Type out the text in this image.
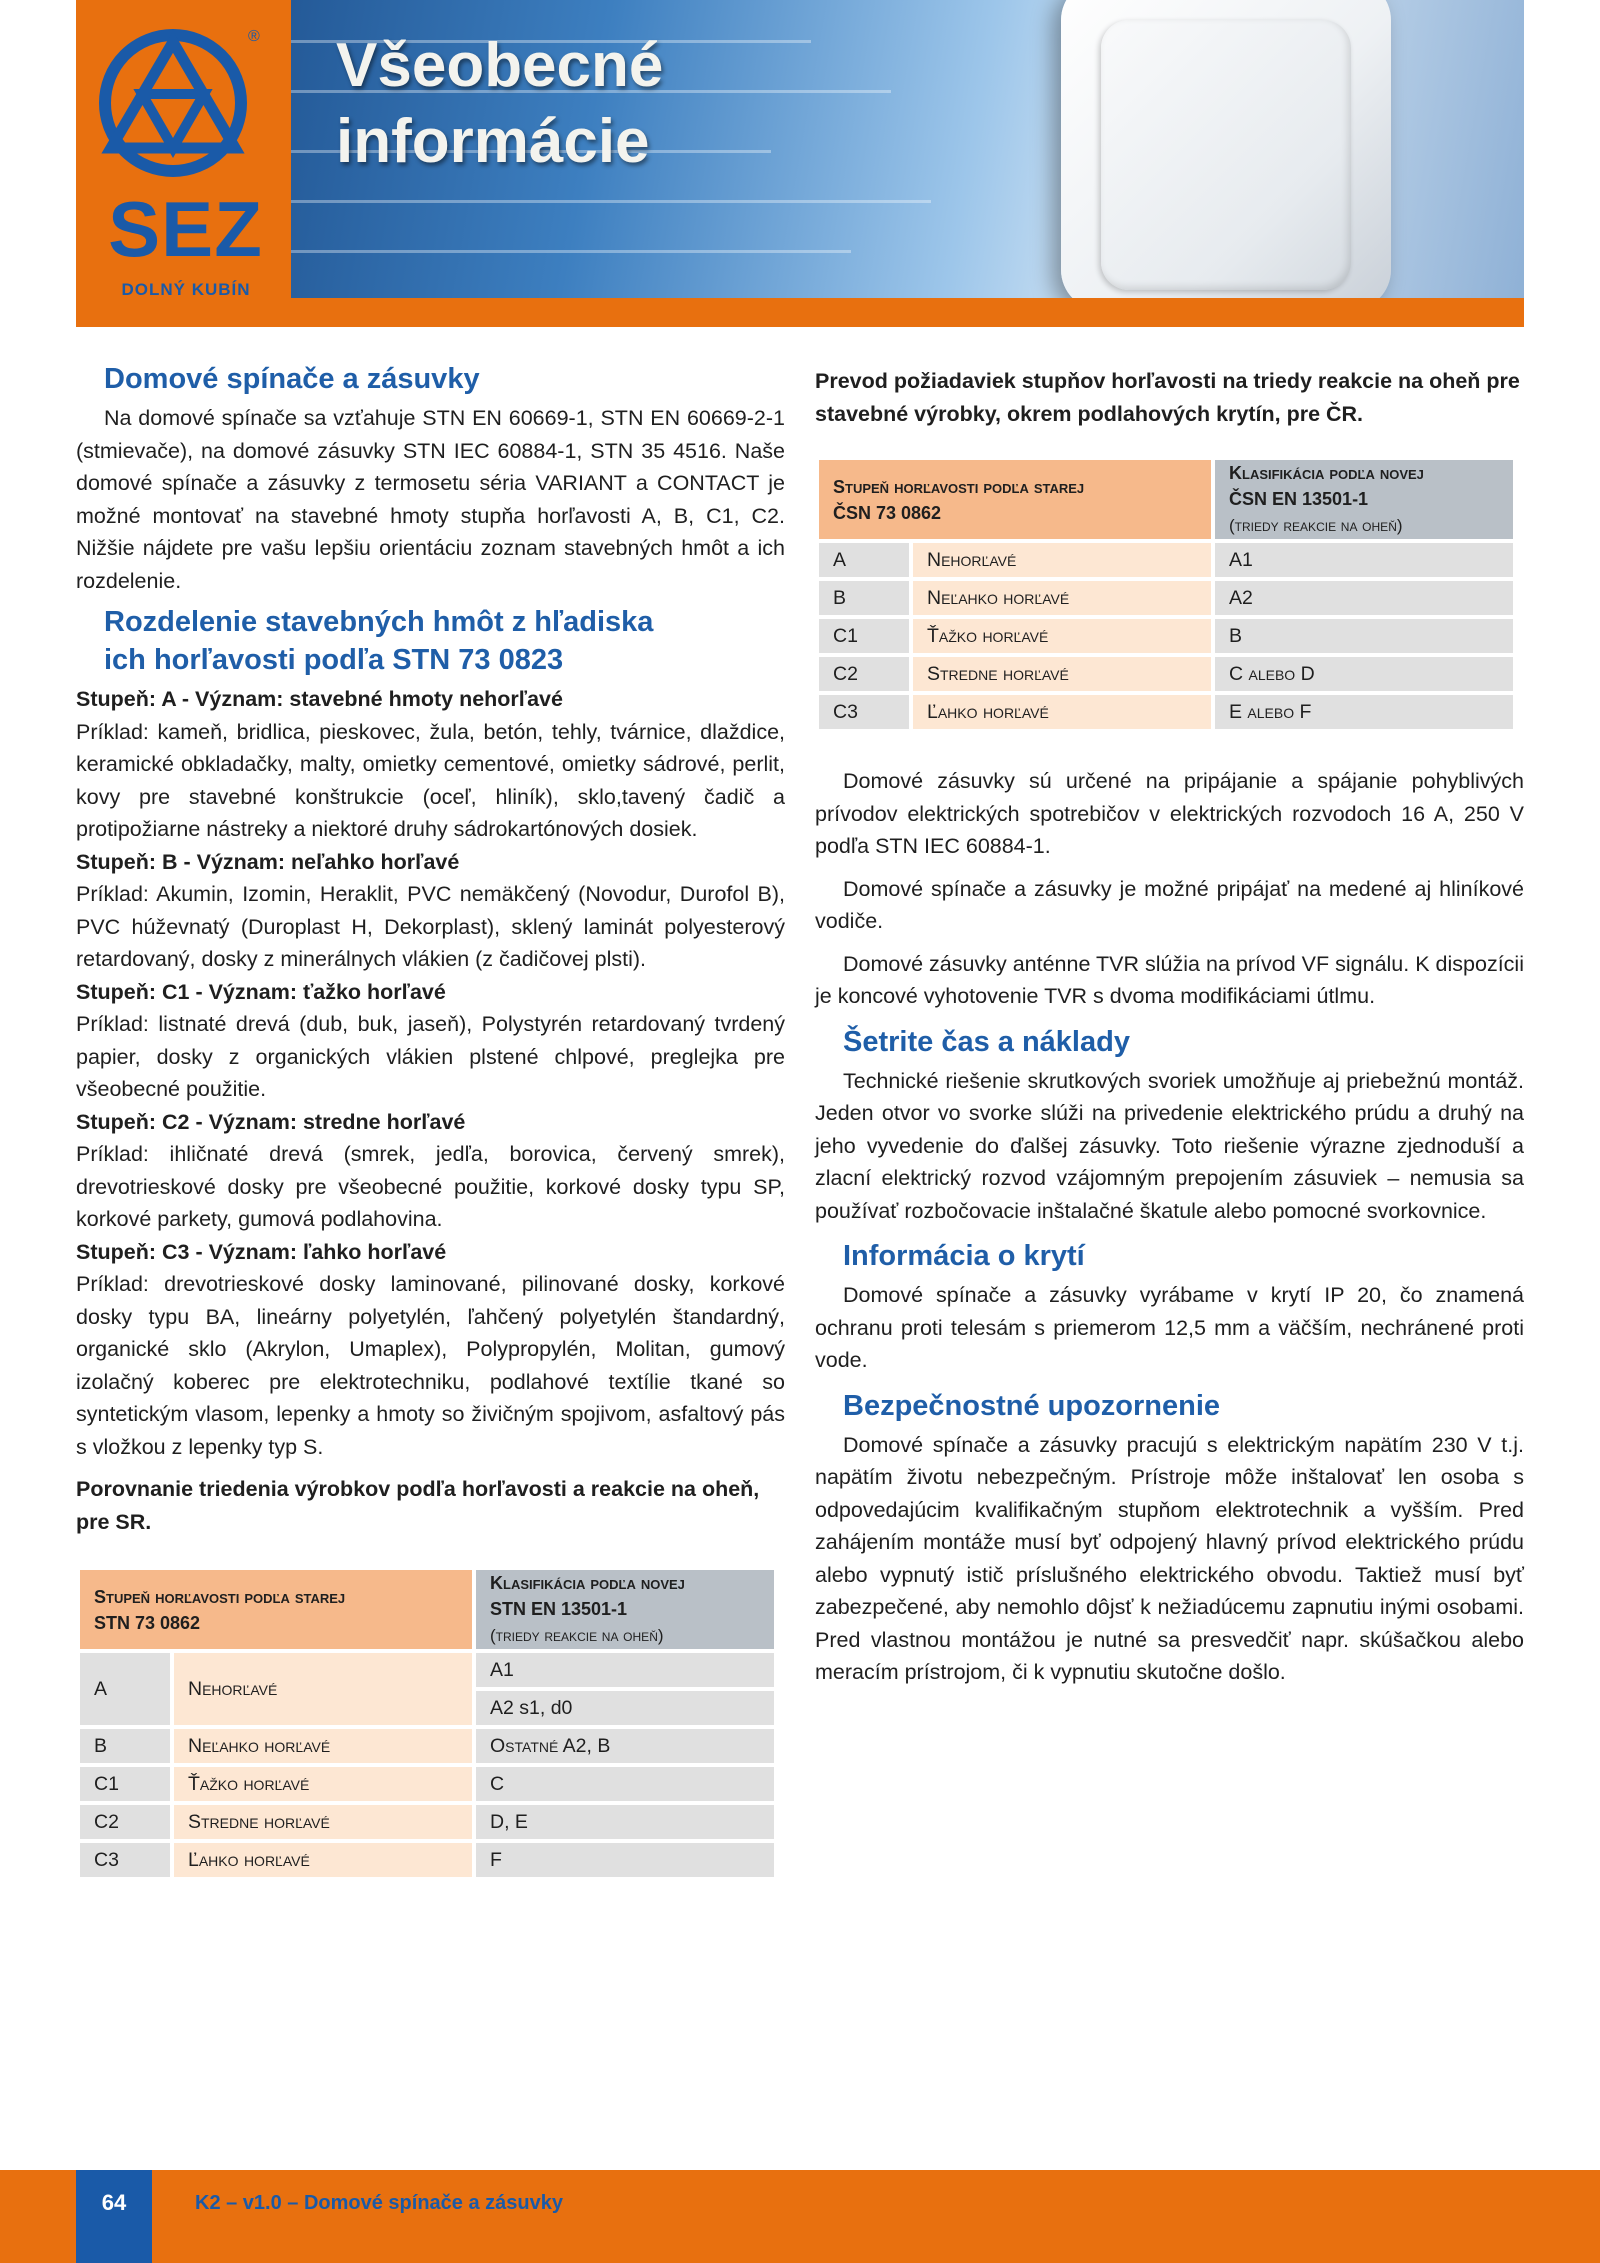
®
SEZ
DOLNÝ KUBÍN
Všeobecné
informácie
Domové spínače a zásuvky

Na domové spínače sa vzťahuje STN EN 60669-1, STN EN 60669-2-1 (stmievače), na domové zásuvky STN IEC 60884-1, STN 35 4516. Naše domové spínače a zásuvky z termosetu séria VARIANT a CONTACT je možné montovať na stavebné hmoty stupňa horľavosti A, B, C1, C2. Nižšie nájdete pre vašu lepšiu orientáciu zoznam stavebných hmôt a ich rozdelenie.

Rozdelenie stavebných hmôt z hľadiska
ich horľavosti podľa STN 73 0823

Stupeň: A - Význam: stavebné hmoty nehorľavé

Príklad: kameň, bridlica, pieskovec, žula, betón, tehly, tvárnice, dlaždice, keramické obkladačky, malty, omietky cementové, omietky sádrové, perlit, kovy pre stavebné konštrukcie (oceľ, hliník), sklo,tavený čadič a protipožiarne nástreky a niektoré druhy sádrokartónových dosiek.

Stupeň: B - Význam: neľahko horľavé

Príklad: Akumin, Izomin, Heraklit, PVC nemäkčený (Novodur, Durofol B), PVC húževnatý (Duroplast H, Dekorplast), sklený laminát polyesterový retardovaný, dosky z minerálnych vlákien (z čadičovej plsti).

Stupeň: C1 - Význam: ťažko horľavé

Príklad: listnaté drevá (dub, buk, jaseň), Polystyrén retardovaný tvrdený papier, dosky z organických vlákien plstené chlpové, preglejka pre všeobecné použitie.

Stupeň: C2 - Význam: stredne horľavé

Príklad: ihličnaté drevá (smrek, jedľa, borovica, červený smrek), drevotrieskové dosky pre všeobecné použitie, korkové dosky typu SP, korkové parkety, gumová podlahovina.

Stupeň: C3 - Význam: ľahko horľavé

Príklad: drevotrieskové dosky laminované, pilinované dosky, korkové dosky typu BA, lineárny polyetylén, ľahčený polyetylén štandardný, organické sklo (Akrylon, Umaplex), Polypropylén, Molitan, gumový izolačný koberec pre elektrotechniku, podlahové textílie tkané so syntetickým vlasom, lepenky a hmoty so živičným spojivom, asfaltový pás s vložkou z lepenky typ S.

Porovnanie triedenia výrobkov podľa horľavosti a reakcie na oheň, pre SR.

Stupeň horľavosti podľa starej
STN 73 0862		Klasifikácia podľa novej
STN EN 13501-1
(triedy reakcie na oheň)
A	Nehorľavé	A1
		A2 s1, d0
B	Neľahko horľavé	Ostatné A2, B
C1	Ťažko horľavé	C
C2	Stredne horľavé	D, E
C3	Ľahko horľavé	F

Prevod požiadaviek stupňov horľavosti na triedy reakcie na oheň pre stavebné výrobky, okrem podlahových krytín, pre ČR.

Stupeň horľavosti podľa starej
ČSN 73 0862		Klasifikácia podľa novej
ČSN EN 13501-1
(triedy reakcie na oheň)
A	Nehorľavé	A1
B	Neľahko horľavé	A2
C1	Ťažko horľavé	B
C2	Stredne horľavé	C alebo D
C3	Ľahko horľavé	E alebo F

Domové zásuvky sú určené na pripájanie a spájanie pohyblivých prívodov elektrických spotrebičov v elektrických rozvodoch 16 A, 250 V podľa STN IEC 60884-1.

Domové spínače a zásuvky je možné pripájať na medené aj hliníkové vodiče.

Domové zásuvky anténne TVR slúžia na prívod VF signálu. K dispozícii je koncové vyhotovenie TVR s dvoma modifikáciami útlmu.

Šetrite čas a náklady

Technické riešenie skrutkových svoriek umožňuje aj priebežnú montáž. Jeden otvor vo svorke slúži na privedenie elektrického prúdu a druhý na jeho vyvedenie do ďalšej zásuvky. Toto riešenie výrazne zjednoduší a zlacní elektrický rozvod vzájomným prepojením zásuviek – nemusia sa používať rozbočovacie inštalačné škatule alebo pomocné svorkovnice.

Informácia o krytí

Domové spínače a zásuvky vyrábame v krytí IP 20, čo znamená ochranu proti telesám s priemerom 12,5 mm a väčším, nechránené proti vode.

Bezpečnostné upozornenie

Domové spínače a zásuvky pracujú s elektrickým napätím 230 V t.j. napätím životu nebezpečným. Prístroje môže inštalovať len osoba s odpovedajúcim kvalifikačným stupňom elektrotechnik a vyšším. Pred zahájením montáže musí byť odpojený hlavný prívod elektrického prúdu alebo vypnutý istič príslušného elektrického obvodu. Taktiež musí byť zabezpečené, aby nemohlo dôjsť k nežiadúcemu zapnutiu inými osobami. Pred vlastnou montážou je nutné sa presvedčiť napr. skúšačkou alebo meracím prístrojom, či k vypnutiu skutočne došlo.

64	K2 – v1.0 – Domové spínače a zásuvky
